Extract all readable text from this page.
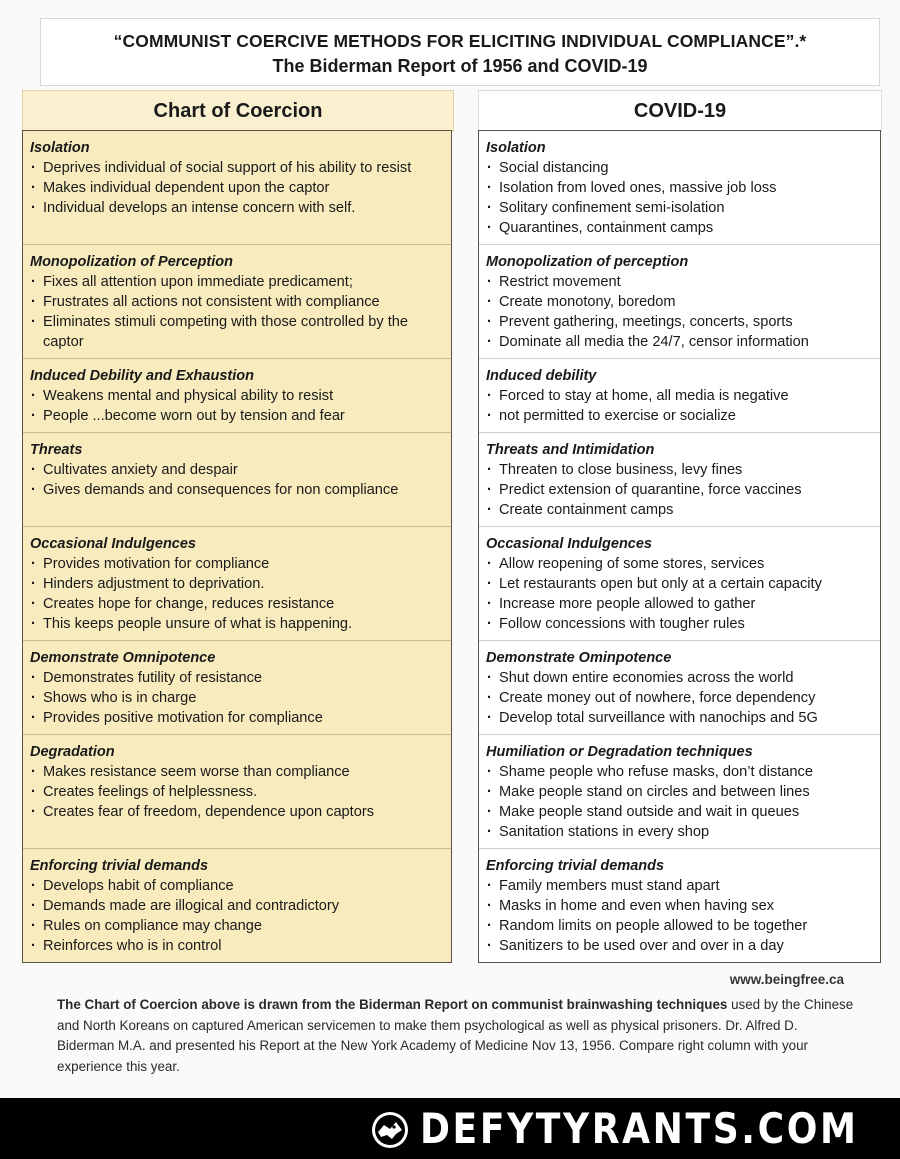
“COMMUNIST COERCIVE METHODS FOR ELICITING INDIVIDUAL COMPLIANCE”.*
The Biderman Report of 1956 and COVID-19
Chart of Coercion	COVID-19
Isolation
· Deprives individual of social support of his ability to resist
· Makes individual dependent upon the captor
· Individual develops an intense concern with self.
Monopolization of Perception
· Fixes all attention upon immediate predicament;
· Frustrates all actions not consistent with compliance
· Eliminates stimuli competing with those controlled by the captor
Induced Debility and Exhaustion
· Weakens mental and physical ability to resist
· People ...become worn out by tension and fear
Threats
· Cultivates anxiety and despair
· Gives demands and consequences for non compliance
Occasional Indulgences
· Provides motivation for compliance
· Hinders adjustment to deprivation.
· Creates hope for change, reduces resistance
· This keeps people unsure of what is happening.
Demonstrate Omnipotence
· Demonstrates futility of resistance
· Shows who is in charge
· Provides positive motivation for compliance
Degradation
· Makes resistance seem worse than compliance
· Creates feelings of helplessness.
· Creates fear of freedom, dependence upon captors
Enforcing trivial demands
· Develops habit of compliance
· Demands made are illogical and contradictory
· Rules on compliance may change
· Reinforces who is in control
Isolation
· Social distancing
· Isolation from loved ones, massive job loss
· Solitary confinement semi-isolation
· Quarantines, containment camps
Monopolization of perception
· Restrict movement
· Create monotony, boredom
· Prevent gathering, meetings, concerts, sports
· Dominate all media the 24/7, censor information
Induced debility
· Forced to stay at home, all media is negative
· not permitted to exercise or socialize
Threats and Intimidation
· Threaten to close business, levy fines
· Predict extension of quarantine, force vaccines
· Create containment camps
Occasional Indulgences
· Allow reopening of some stores, services
· Let restaurants open but only at a certain capacity
· Increase more people allowed to gather
· Follow concessions with tougher rules
Demonstrate Ominpotence
· Shut down entire economies across the world
· Create money out of nowhere, force dependency
· Develop total surveillance with nanochips and 5G
Humiliation or Degradation techniques
· Shame people who refuse masks, don’t distance
· Make people stand on circles and between lines
· Make people stand outside and wait in queues
· Sanitation stations in every shop
Enforcing trivial demands
· Family members must stand apart
· Masks in home and even when having sex
· Random limits on people allowed to be together
· Sanitizers to be used over and over in a day
www.beingfree.ca
The Chart of Coercion above is drawn from the Biderman Report on communist brainwashing techniques used by the Chinese and North Koreans on captured American servicemen to make them psychological as well as physical prisoners. Dr. Alfred D. Biderman M.A. and presented his Report at the New York Academy of Medicine Nov 13, 1956. Compare right column with your experience this year.
DEFYTYRANTS.COM
